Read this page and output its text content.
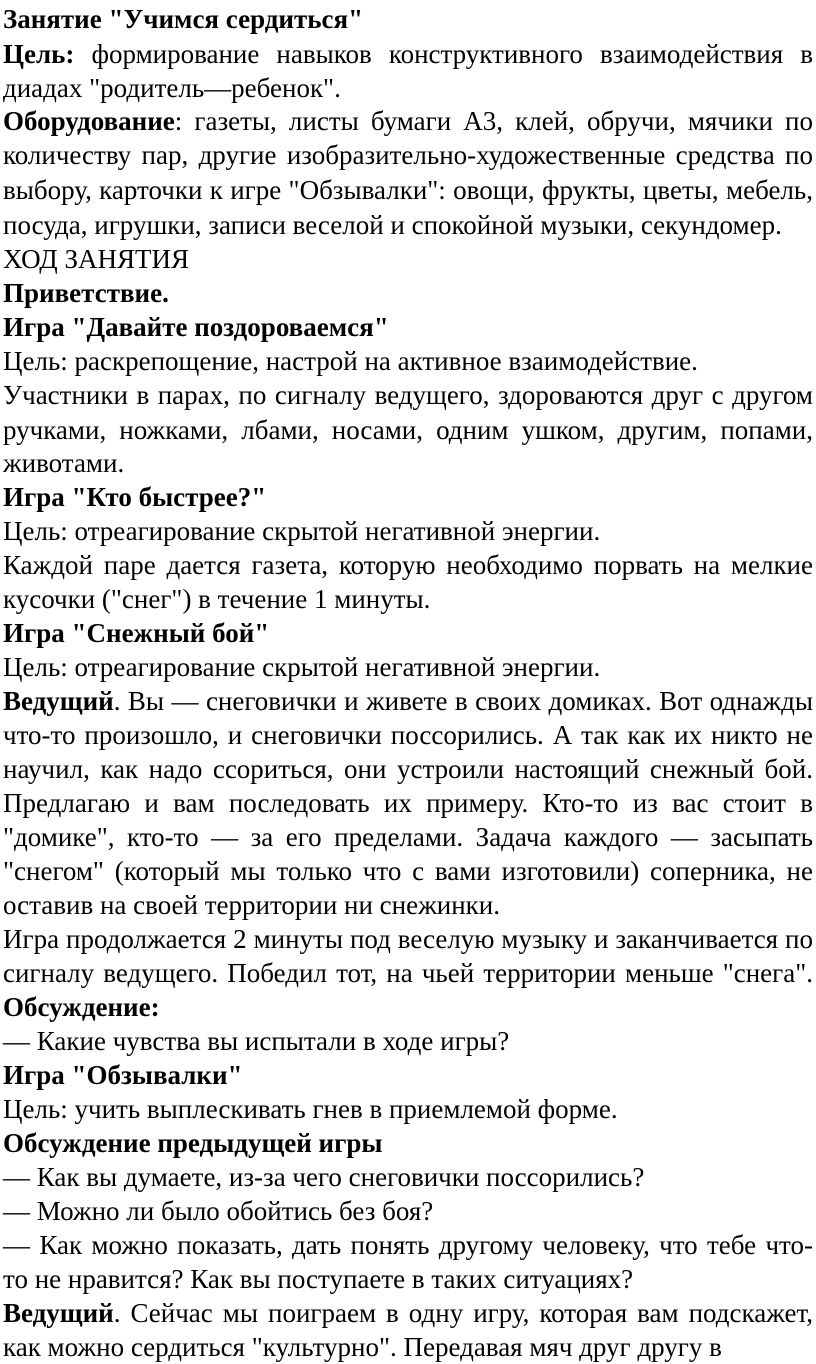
Занятие "Учимся сердиться"
Цель: формирование навыков конструктивного взаимодействия в
диадах "родитель—ребенок".
Оборудование: газеты, листы бумаги А3, клей, обручи, мячики по
количеству пар, другие изобразительно-художественные средства по
выбору, карточки к игре "Обзывалки": овощи, фрукты, цветы, мебель,
посуда, игрушки, записи веселой и спокойной музыки, секундомер.
ХОД ЗАНЯТИЯ
Приветствие.
Игра "Давайте поздороваемся"
Цель: раскрепощение, настрой на активное взаимодействие.
Участники в парах, по сигналу ведущего, здороваются друг с другом
ручками, ножками, лбами, носами, одним ушком, другим, попами,
животами.
Игра "Кто быстрее?"
Цель: отреагирование скрытой негативной энергии.
Каждой паре дается газета, которую необходимо порвать на мелкие
кусочки ("снег") в течение 1 минуты.
Игра "Снежный бой"
Цель: отреагирование скрытой негативной энергии.
Ведущий. Вы — снеговички и живете в своих домиках. Вот однажды
что-то произошло, и снеговички поссорились. А так как их никто не
научил, как надо ссориться, они устроили настоящий снежный бой.
Предлагаю и вам последовать их примеру. Кто-то из вас стоит в
"домике", кто-то — за его пределами. Задача каждого — засыпать
"снегом" (который мы только что с вами изготовили) соперника, не
оставив на своей территории ни снежинки.
Игра продолжается 2 минуты под веселую музыку и заканчивается по
сигналу ведущего. Победил тот, на чьей территории меньше "снега".
Обсуждение:
— Какие чувства вы испытали в ходе игры?
Игра "Обзывалки"
Цель: учить выплескивать гнев в приемлемой форме.
Обсуждение предыдущей игры
— Как вы думаете, из-за чего снеговички поссорились?
— Можно ли было обойтись без боя?
— Как можно показать, дать понять другому человеку, что тебе что-
то не нравится? Как вы поступаете в таких ситуациях?
Ведущий. Сейчас мы поиграем в одну игру, которая вам подскажет,
как можно сердиться "культурно". Передавая мяч друг другу в
